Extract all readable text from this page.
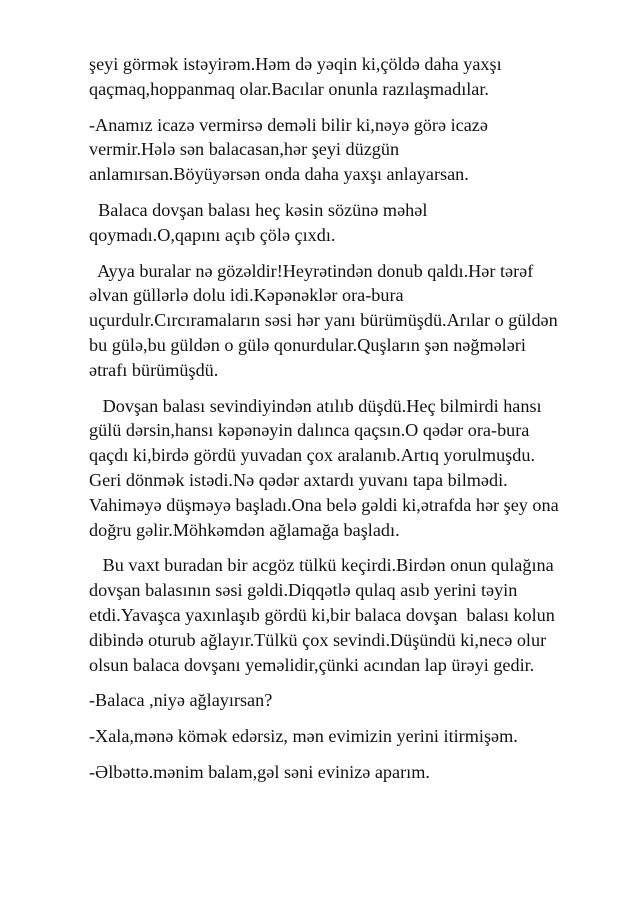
şeyi görmək istəyirəm.Həm də yəqin ki,çöldə daha yaxşı
qaçmaq,hoppanmaq olar.Bacılar onunla razılaşmadılar.

-Anamız icazə vermirsə deməli bilir ki,nəyə görə icazə
vermir.Hələ sən balacasan,hər şeyi düzgün
anlamırsan.Böyüyərsən onda daha yaxşı anlayarsan.

Balaca dovşan balası heç kəsin sözünə məhəl
qoymadı.O,qapını açıb çölə çıxdı.

Ayya buralar nə gözəldir!Heyrətindən donub qaldı.Hər tərəf
əlvan güllərlə dolu idi.Kəpənəklər ora-bura
uçurdulr.Cırcıramaların səsi hər yanı bürümüşdü.Arılar o güldən
bu gülə,bu güldən o gülə qonurdular.Quşların şən nəğmələri
ətrafı bürümüşdü.

Dovşan balası sevindiyindən atılıb düşdü.Heç bilmirdi hansı
gülü dərsin,hansı kəpənəyin dalınca qaçsın.O qədər ora-bura
qaçdı ki,birdə gördü yuvadan çox aralanıb.Artıq yorulmuşdu.
Geri dönmək istədi.Nə qədər axtardı yuvanı tapa bilmədi.
Vahiməyə düşməyə başladı.Ona belə gəldi ki,ətrafda hər şey ona
doğru gəlir.Möhkəmdən ağlamağa başladı.

Bu vaxt buradan bir acgöz tülkü keçirdi.Birdən onun qulağına
dovşan balasının səsi gəldi.Diqqətlə qulaq asıb yerini təyin
etdi.Yavaşca yaxınlaşıb gördü ki,bir balaca dovşan  balası kolun
dibində oturub ağlayır.Tülkü çox sevindi.Düşündü ki,necə olur
olsun balaca dovşanı yeməlidir,çünki acından lap ürəyi gedir.

-Balaca ,niyə ağlayırsan?

-Xala,mənə kömək edərsiz, mən evimizin yerini itirmişəm.

-Əlbəttə.mənim balam,gəl səni evinizə aparım.
